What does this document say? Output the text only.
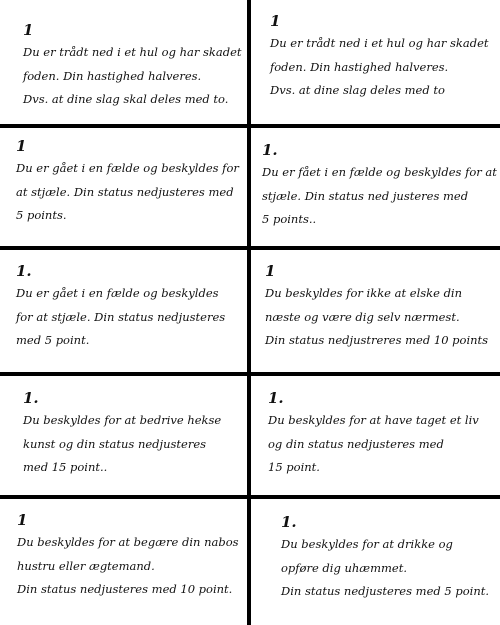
1
Du er trådt ned i et hul og har skadet
foden. Din hastighed halveres.
Dvs. at dine slag skal deles med to.
1
Du er trådt ned i et hul og har skadet
foden. Din hastighed halveres.
Dvs. at dine slag deles med to
1
Du er gået i en fælde og beskyldes for
at stjæle. Din status nedjusteres med
5 points.
1.
Du er fået i en fælde og beskyldes for at
stjæle. Din status ned justeres med
5 points..
1.
Du er gået i en fælde og beskyldes
for at stjæle. Din status nedjusteres
med 5 point.
1
Du beskyldes for ikke at elske din
næste og være dig selv nærmest.
Din status nedjustreres med 10 points
1.
Du beskyldes for at bedrive hekse
kunst og din status nedjusteres
med 15 point..
1.
Du beskyldes for at have taget et liv
og din status nedjusteres med
15 point.
1
Du beskyldes for at begære din nabos
hustru eller ægtemand.
Din status nedjusteres med 10 point.
1.
Du beskyldes for at drikke og
opføre dig uhæmmet.
Din status nedjusteres med 5 point.
